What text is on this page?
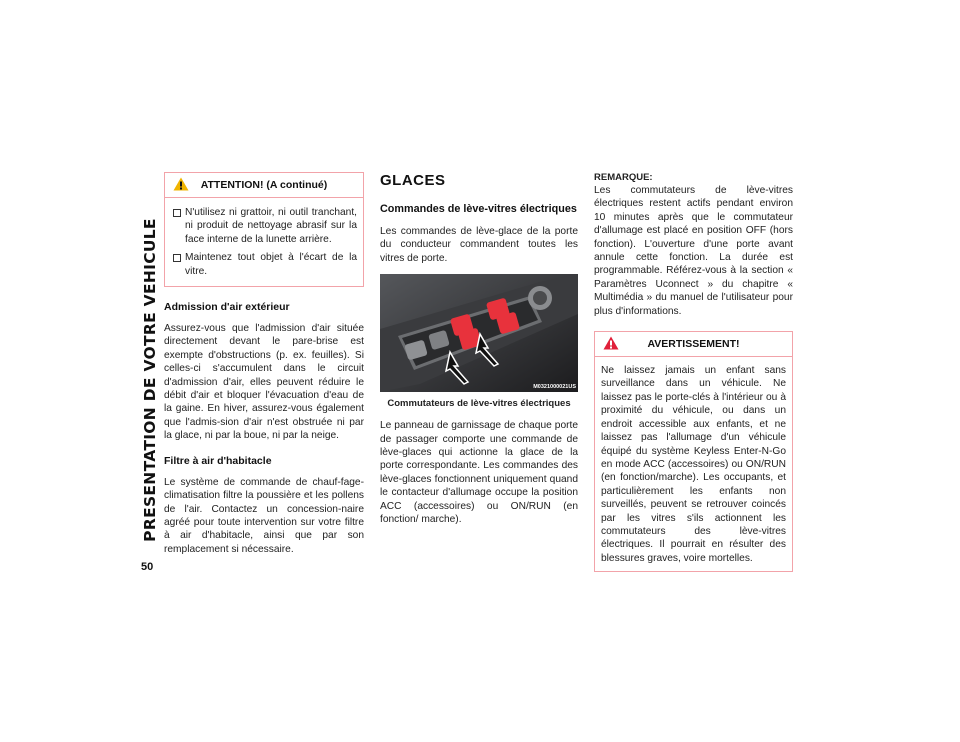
PRESENTATION DE VOTRE VEHICULE
50
ATTENTION! (A continué)
N'utilisez ni grattoir, ni outil tranchant, ni produit de nettoyage abrasif sur la face interne de la lunette arrière.
Maintenez tout objet à l'écart de la vitre.
Admission d'air extérieur

Assurez-vous que l'admission d'air située directement devant le pare-brise est exempte d'obstructions (p. ex. feuilles). Si celles-ci s'accumulent dans le circuit d'admission d'air, elles peuvent réduire le débit d'air et bloquer l'évacuation d'eau de la gaine. En hiver, assurez-vous également que l'admis-sion d'air n'est obstruée ni par la glace, ni par la boue, ni par la neige.

Filtre à air d'habitacle

Le système de commande de chauf-fage-climatisation filtre la poussière et les pollens de l'air. Contactez un concession-naire agréé pour toute intervention sur votre filtre à air d'habitacle, ainsi que par son remplacement si nécessaire.

GLACES
Commandes de lève-vitres électriques

Les commandes de lève-glace de la porte du conducteur commandent toutes les vitres de porte.

M0321000021US
Commutateurs de lève-vitres électriques

Le panneau de garnissage de chaque porte de passager comporte une commande de lève-glaces qui actionne la glace de la porte correspondante. Les commandes des lève-glaces fonctionnent uniquement quand le contacteur d'allumage occupe la position ACC (accessoires) ou ON/RUN (en fonction/ marche).

REMARQUE:

Les commutateurs de lève-vitres électriques restent actifs pendant environ 10 minutes après que le commutateur d'allumage est placé en position OFF (hors fonction). L'ouverture d'une porte avant annule cette fonction. La durée est programmable. Référez-vous à la section « Paramètres Uconnect » du chapitre « Multimédia » du manuel de l'utilisateur pour plus d'informations.

AVERTISSEMENT!

Ne laissez jamais un enfant sans surveillance dans un véhicule. Ne laissez pas le porte-clés à l'intérieur ou à proximité du véhicule, ou dans un endroit accessible aux enfants, et ne laissez pas l'allumage d'un véhicule équipé du système Keyless Enter-N-Go en mode ACC (accessoires) ou ON/RUN (en fonction/marche). Les occupants, et particulièrement les enfants non surveillés, peuvent se retrouver coincés par les vitres s'ils actionnent les commutateurs des lève-vitres électriques. Il pourrait en résulter des blessures graves, voire mortelles.
